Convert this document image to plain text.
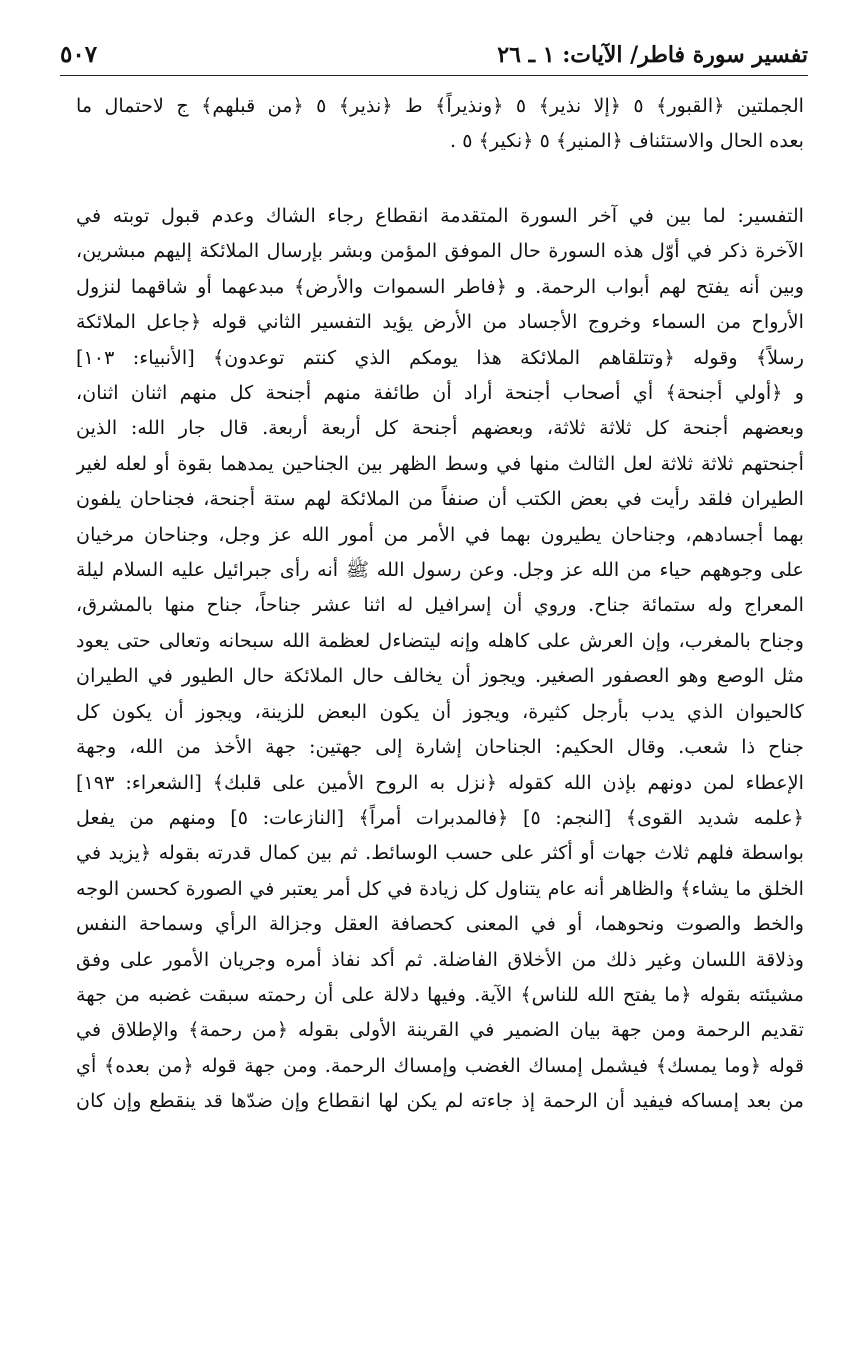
٥٠٧	تفسير سورة فاطر/ الآيات: ١ ـ ٢٦
الجملتين ﴿القبور﴾ ٥ ﴿إلا نذير﴾ ٥ ﴿ونذيراً﴾ ط ﴿نذير﴾ ٥ ﴿من قبلهم﴾ ج لاحتمال ما
بعده الحال والاستئناف ﴿المنير﴾ ٥ ﴿نكير﴾ ٥ .
التفسير: لما بين في آخر السورة المتقدمة انقطاع رجاء الشاك وعدم قبول توبته في
الآخرة ذكر في أوّل هذه السورة حال الموفق المؤمن وبشر بإرسال الملائكة إليهم مبشرين،
وبين أنه يفتح لهم أبواب الرحمة. و ﴿فاطر السموات والأرض﴾ مبدعهما أو شاقهما لنزول
الأرواح من السماء وخروج الأجساد من الأرض يؤيد التفسير الثاني قوله ﴿جاعل الملائكة
رسلاً﴾ وقوله ﴿وتتلقاهم الملائكة هذا يومكم الذي كنتم توعدون﴾ [الأنبياء: ١٠٣]
و ﴿أولي أجنحة﴾ أي أصحاب أجنحة أراد أن طائفة منهم أجنحة كل منهم اثنان اثنان،
وبعضهم أجنحة كل ثلاثة ثلاثة، وبعضهم أجنحة كل أربعة أربعة. قال جار الله: الذين
أجنحتهم ثلاثة ثلاثة لعل الثالث منها في وسط الظهر بين الجناحين يمدهما بقوة أو لعله لغير
الطيران فلقد رأيت في بعض الكتب أن صنفاً من الملائكة لهم ستة أجنحة، فجناحان يلفون
بهما أجسادهم، وجناحان يطيرون بهما في الأمر من أمور الله عز وجل، وجناحان مرخيان
على وجوههم حياء من الله عز وجل. وعن رسول الله ﷺ أنه رأى جبرائيل عليه السلام ليلة
المعراج وله ستمائة جناح. وروي أن إسرافيل له اثنا عشر جناحاً، جناح منها بالمشرق،
وجناح بالمغرب، وإن العرش على كاهله وإنه ليتضاءل لعظمة الله سبحانه وتعالى حتى يعود
مثل الوصع وهو العصفور الصغير. ويجوز أن يخالف حال الملائكة حال الطيور في الطيران
كالحيوان الذي يدب بأرجل كثيرة، ويجوز أن يكون البعض للزينة، ويجوز أن يكون كل
جناح ذا شعب. وقال الحكيم: الجناحان إشارة إلى جهتين: جهة الأخذ من الله، وجهة
الإعطاء لمن دونهم بإذن الله كقوله ﴿نزل به الروح الأمين على قلبك﴾ [الشعراء: ١٩٣]
﴿علمه شديد القوى﴾ [النجم: ٥] ﴿فالمدبرات أمراً﴾ [النازعات: ٥] ومنهم من يفعل
بواسطة فلهم ثلاث جهات أو أكثر على حسب الوسائط. ثم بين كمال قدرته بقوله ﴿يزيد في
الخلق ما يشاء﴾ والظاهر أنه عام يتناول كل زيادة في كل أمر يعتبر في الصورة كحسن الوجه
والخط والصوت ونحوهما، أو في المعنى كحصافة العقل وجزالة الرأي وسماحة النفس
وذلاقة اللسان وغير ذلك من الأخلاق الفاضلة. ثم أكد نفاذ أمره وجريان الأمور على وفق
مشيئته بقوله ﴿ما يفتح الله للناس﴾ الآية. وفيها دلالة على أن رحمته سبقت غضبه من جهة
تقديم الرحمة ومن جهة بيان الضمير في القرينة الأولى بقوله ﴿من رحمة﴾ والإطلاق في
قوله ﴿وما يمسك﴾ فيشمل إمساك الغضب وإمساك الرحمة. ومن جهة قوله ﴿من بعده﴾ أي
من بعد إمساكه فيفيد أن الرحمة إذ جاءته لم يكن لها انقطاع وإن ضدّها قد ينقطع وإن كان
